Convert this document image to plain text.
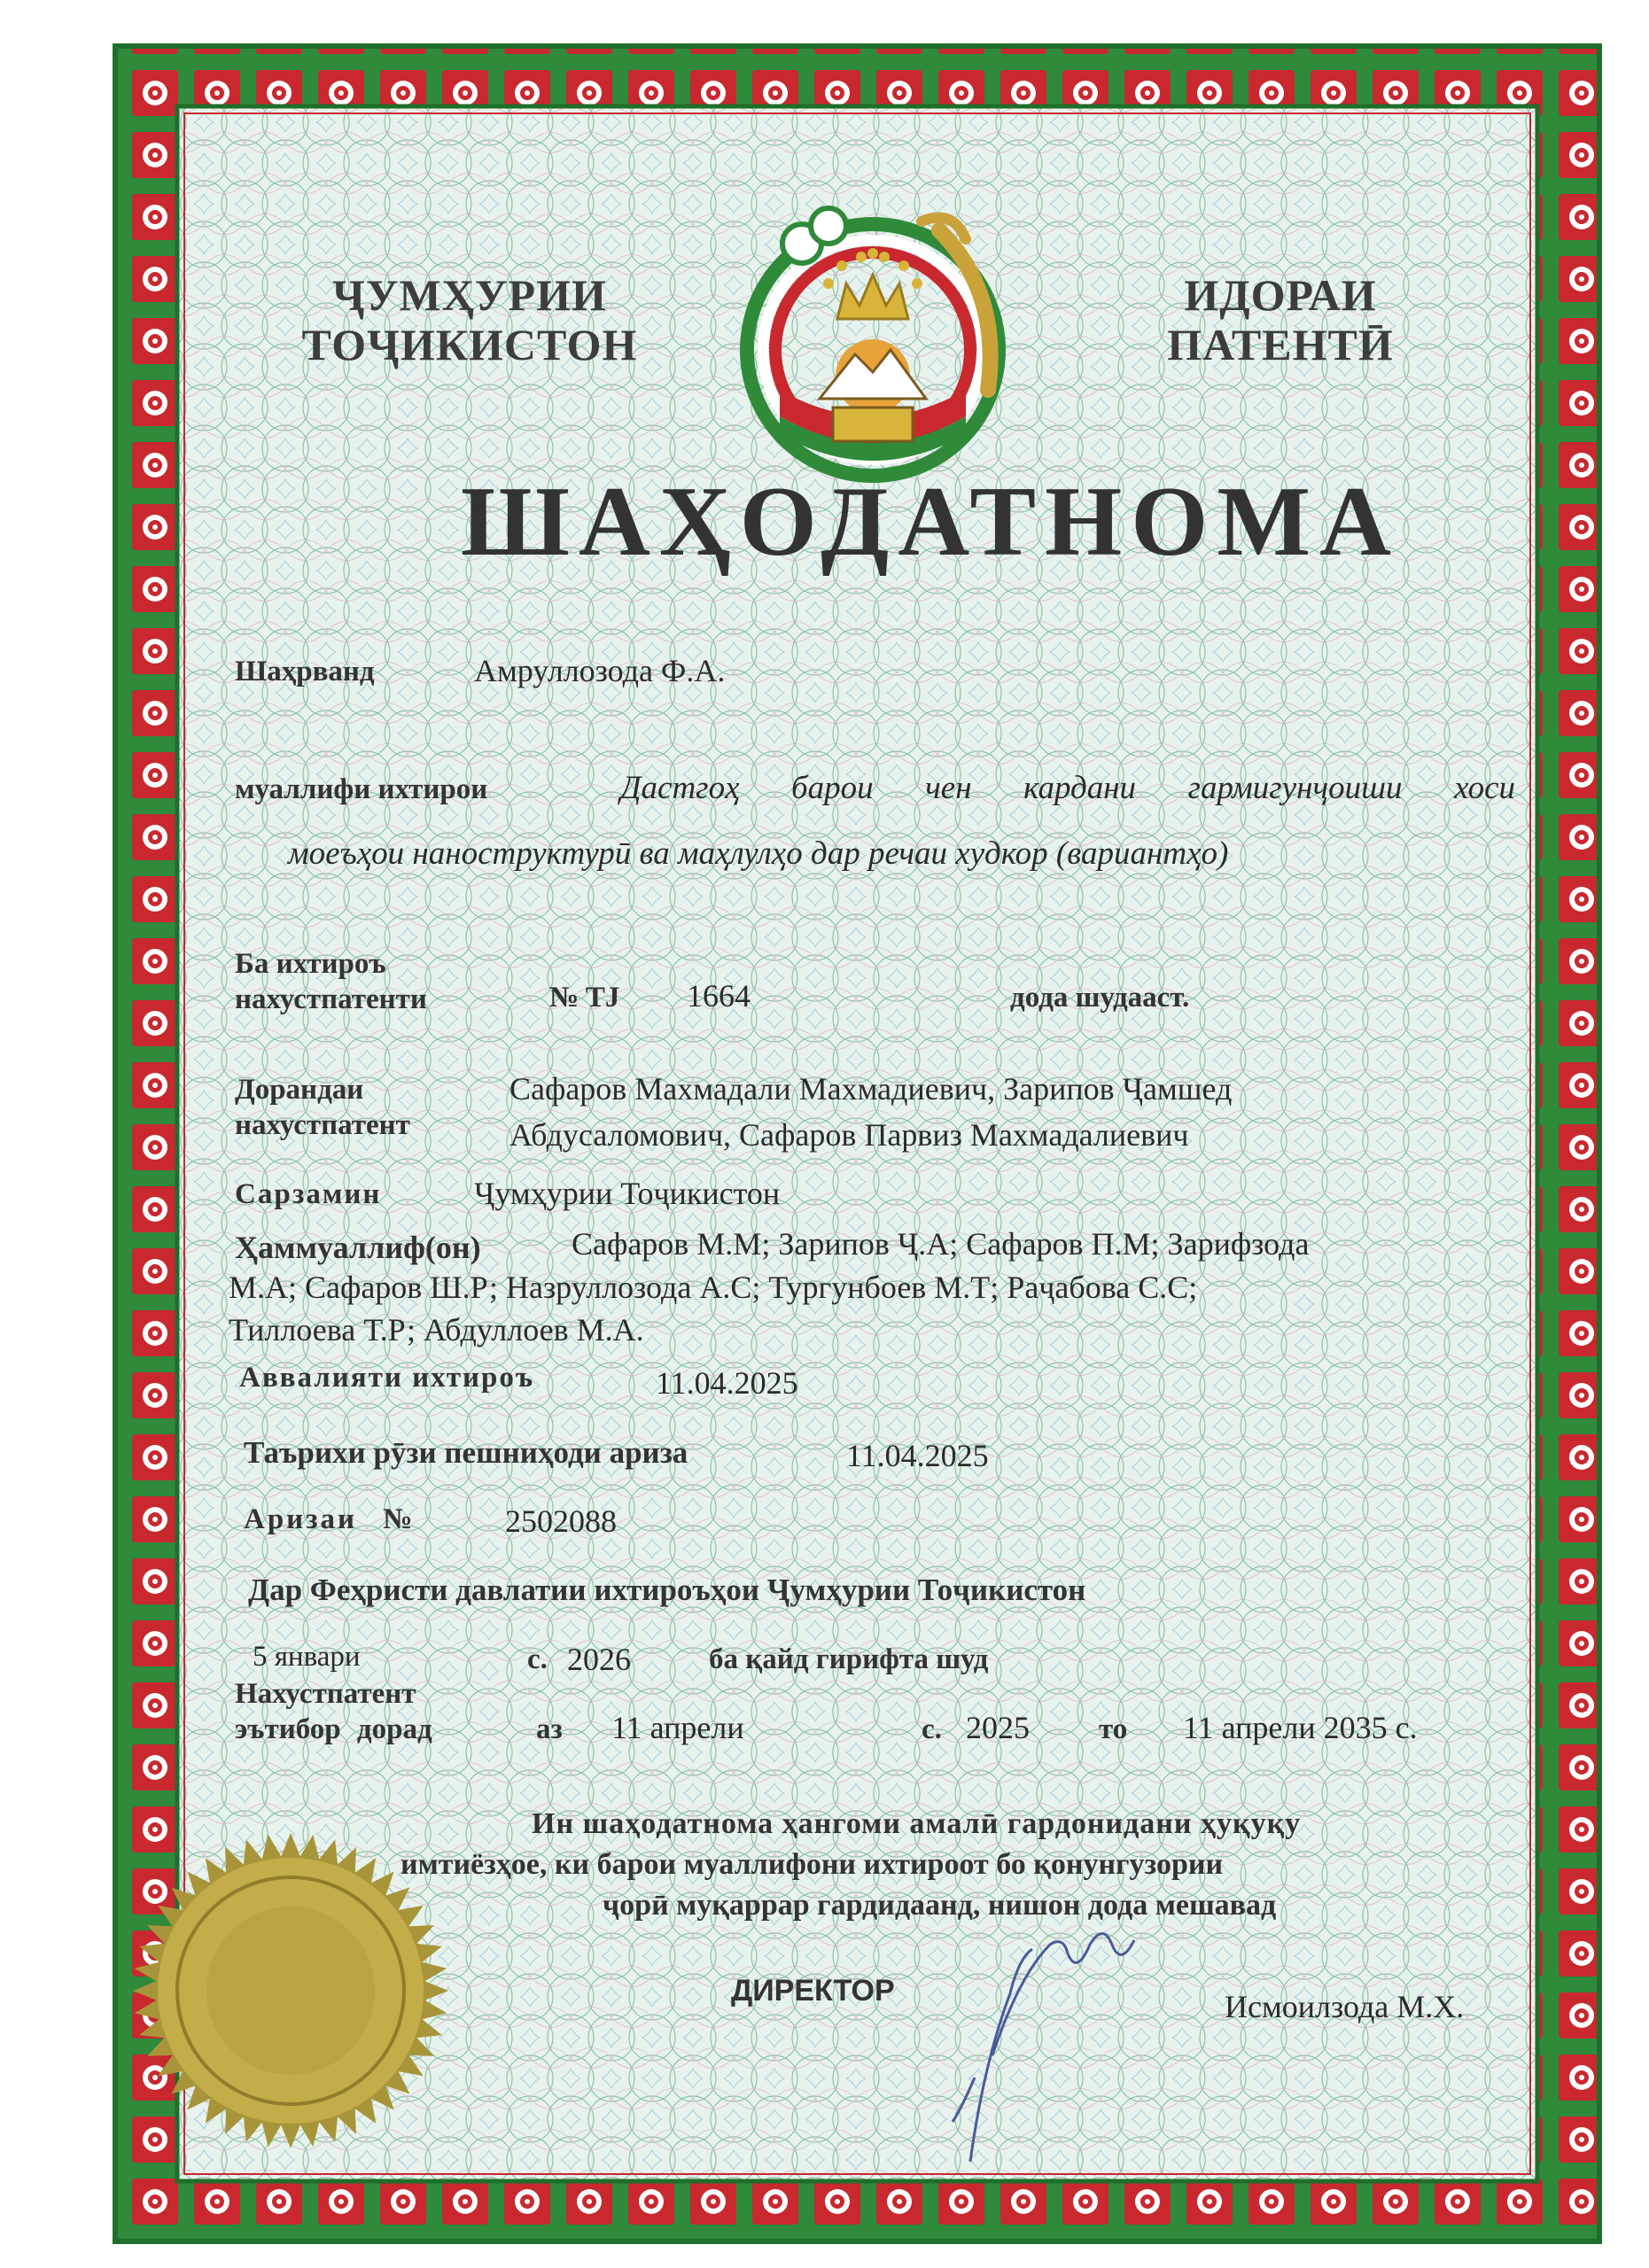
ҶУМҲУРИИ
ТОҶИКИСТОН
ИДОРАИ
ПАТЕНТӢ
ШАҲОДАТНОМА
Шаҳрванд	Амруллозода Ф.А.
муаллифи ихтирои	Дастгоҳ барои чен кардани гармигунҷоиши хоси
моеъҳои наноструктурӣ ва маҳлулҳо дар речаи худкор (вариантҳо)
Ба ихтироъ
нахустпатенти	№ TJ 1664	дода шудааст.
Дорандаи
нахустпатент
Сафаров Махмадали Махмадиевич, Зарипов Ҷамшед
Абдусаломович, Сафаров Парвиз Махмадалиевич
Сарзамин	Ҷумҳурии Тоҷикистон
Ҳаммуаллиф(он)	Сафаров М.М; Зарипов Ҷ.А; Сафаров П.М; Зарифзода
М.А; Сафаров Ш.Р; Назруллозода А.С; Тургунбоев М.Т; Раҷабова С.С;
Тиллоева Т.Р; Абдуллоев М.А.
Аввалияти ихтироъ	11.04.2025
Таърихи рӯзи пешниҳоди ариза	11.04.2025
Аризаи №	2502088
Дар Феҳристи давлатии ихтироъҳои Ҷумҳурии Тоҷикистон
5 январи	с. 2026	ба қайд гирифта шуд
Нахустпатент
эътибор дорад	аз 11 апрели	с. 2025 то 11 апрели 2035 с.
Ин шаҳодатнома ҳангоми амалӣ гардонидани ҳуқуқу
имтиёзҳое, ки барои муаллифони ихтироот бо қонунгузории
ҷорӣ муқаррар гардидаанд, нишон дода мешавад
ДИРЕКТОР	Исмоилзода М.Х.
